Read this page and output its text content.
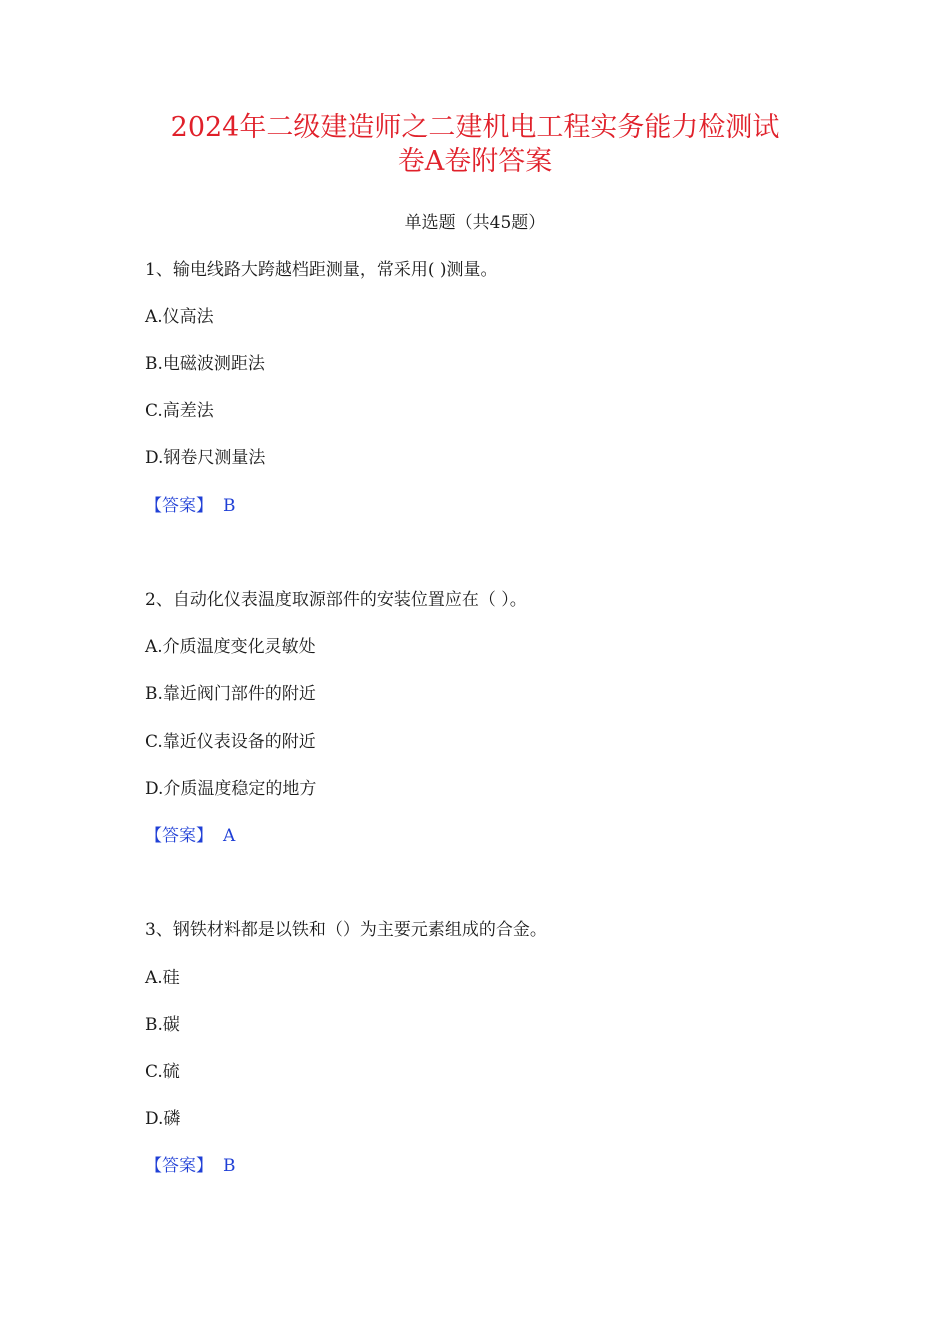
2024年二级建造师之二建机电工程实务能力检测试
卷A卷附答案
单选题（共45题）
1、输电线路大跨越档距测量，常采用( )测量。
A.仪高法
B.电磁波测距法
C.高差法
D.钢卷尺测量法
【答案】 B
2、自动化仪表温度取源部件的安装位置应在（ ）。
A.介质温度变化灵敏处
B.靠近阀门部件的附近
C.靠近仪表设备的附近
D.介质温度稳定的地方
【答案】 A
3、钢铁材料都是以铁和（）为主要元素组成的合金。
A.硅
B.碳
C.硫
D.磷
【答案】 B
